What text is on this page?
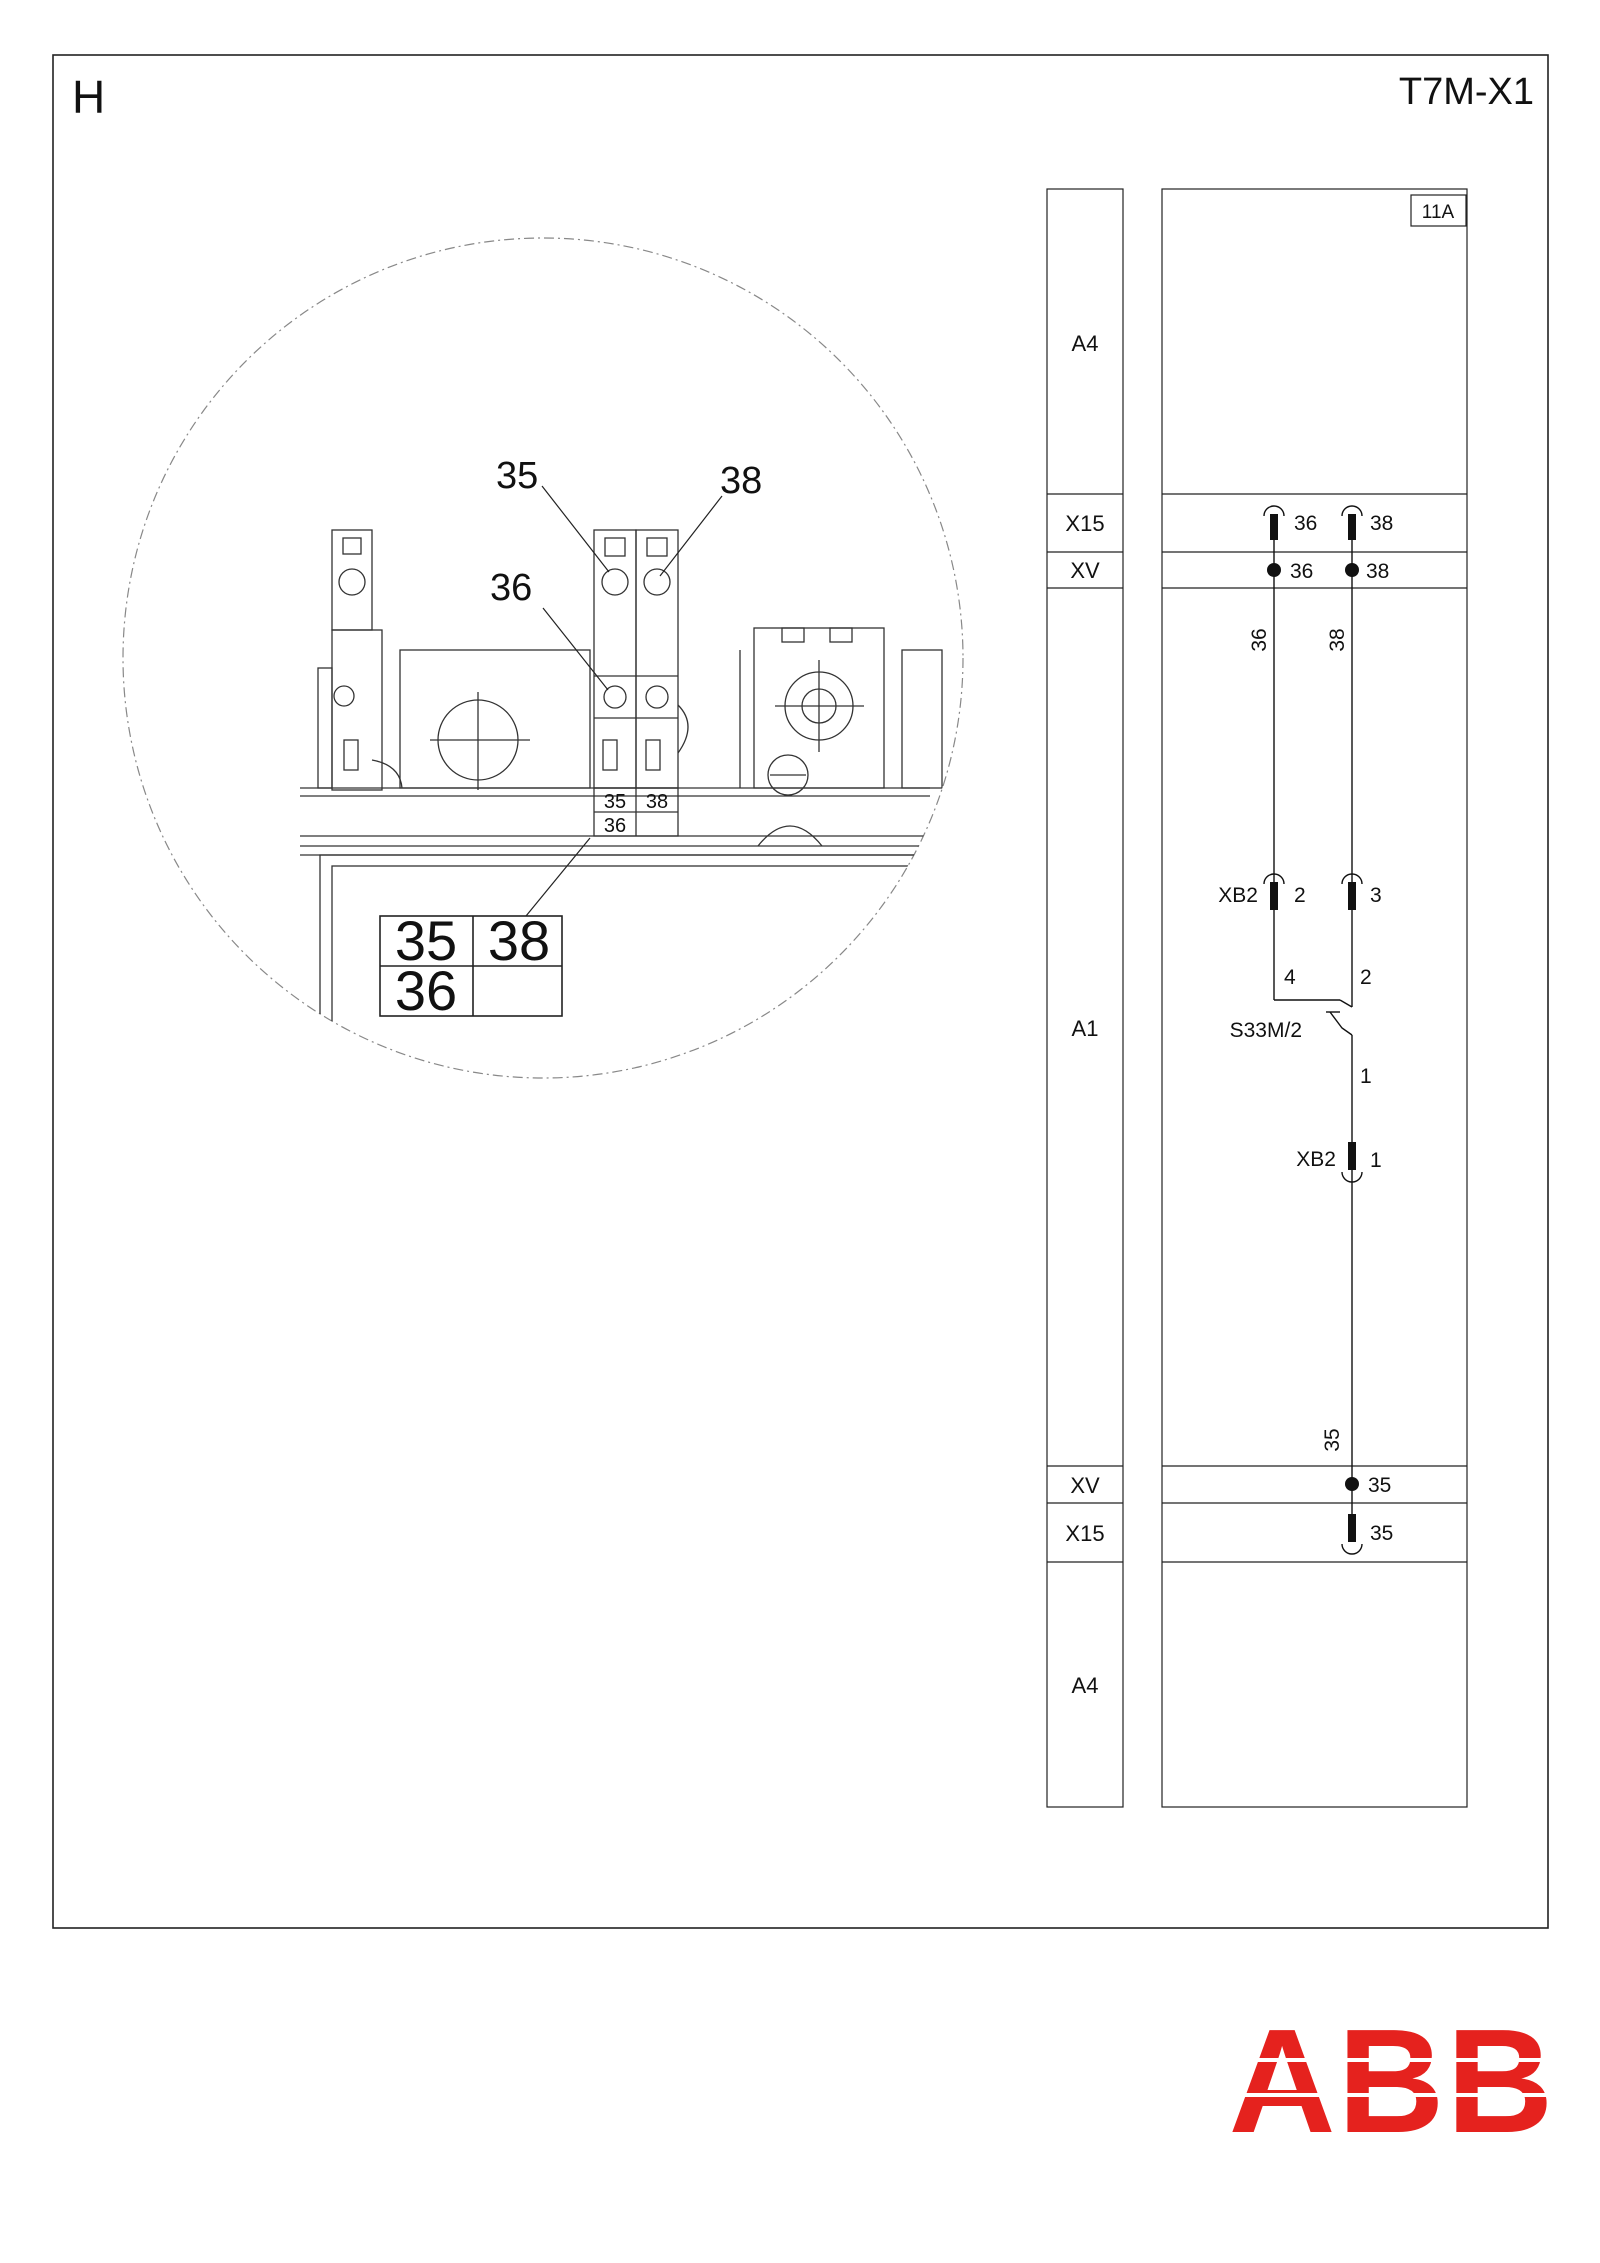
H	T7M-X1
35 38
36
35	38
36
35 38
36
A4
X15
XV
A1
XV
X15
A4
11A
36	38
36	38
36	38
XB2 2	3
4	2
S33M/2
1
XB2 1
35
35
35
ABB
